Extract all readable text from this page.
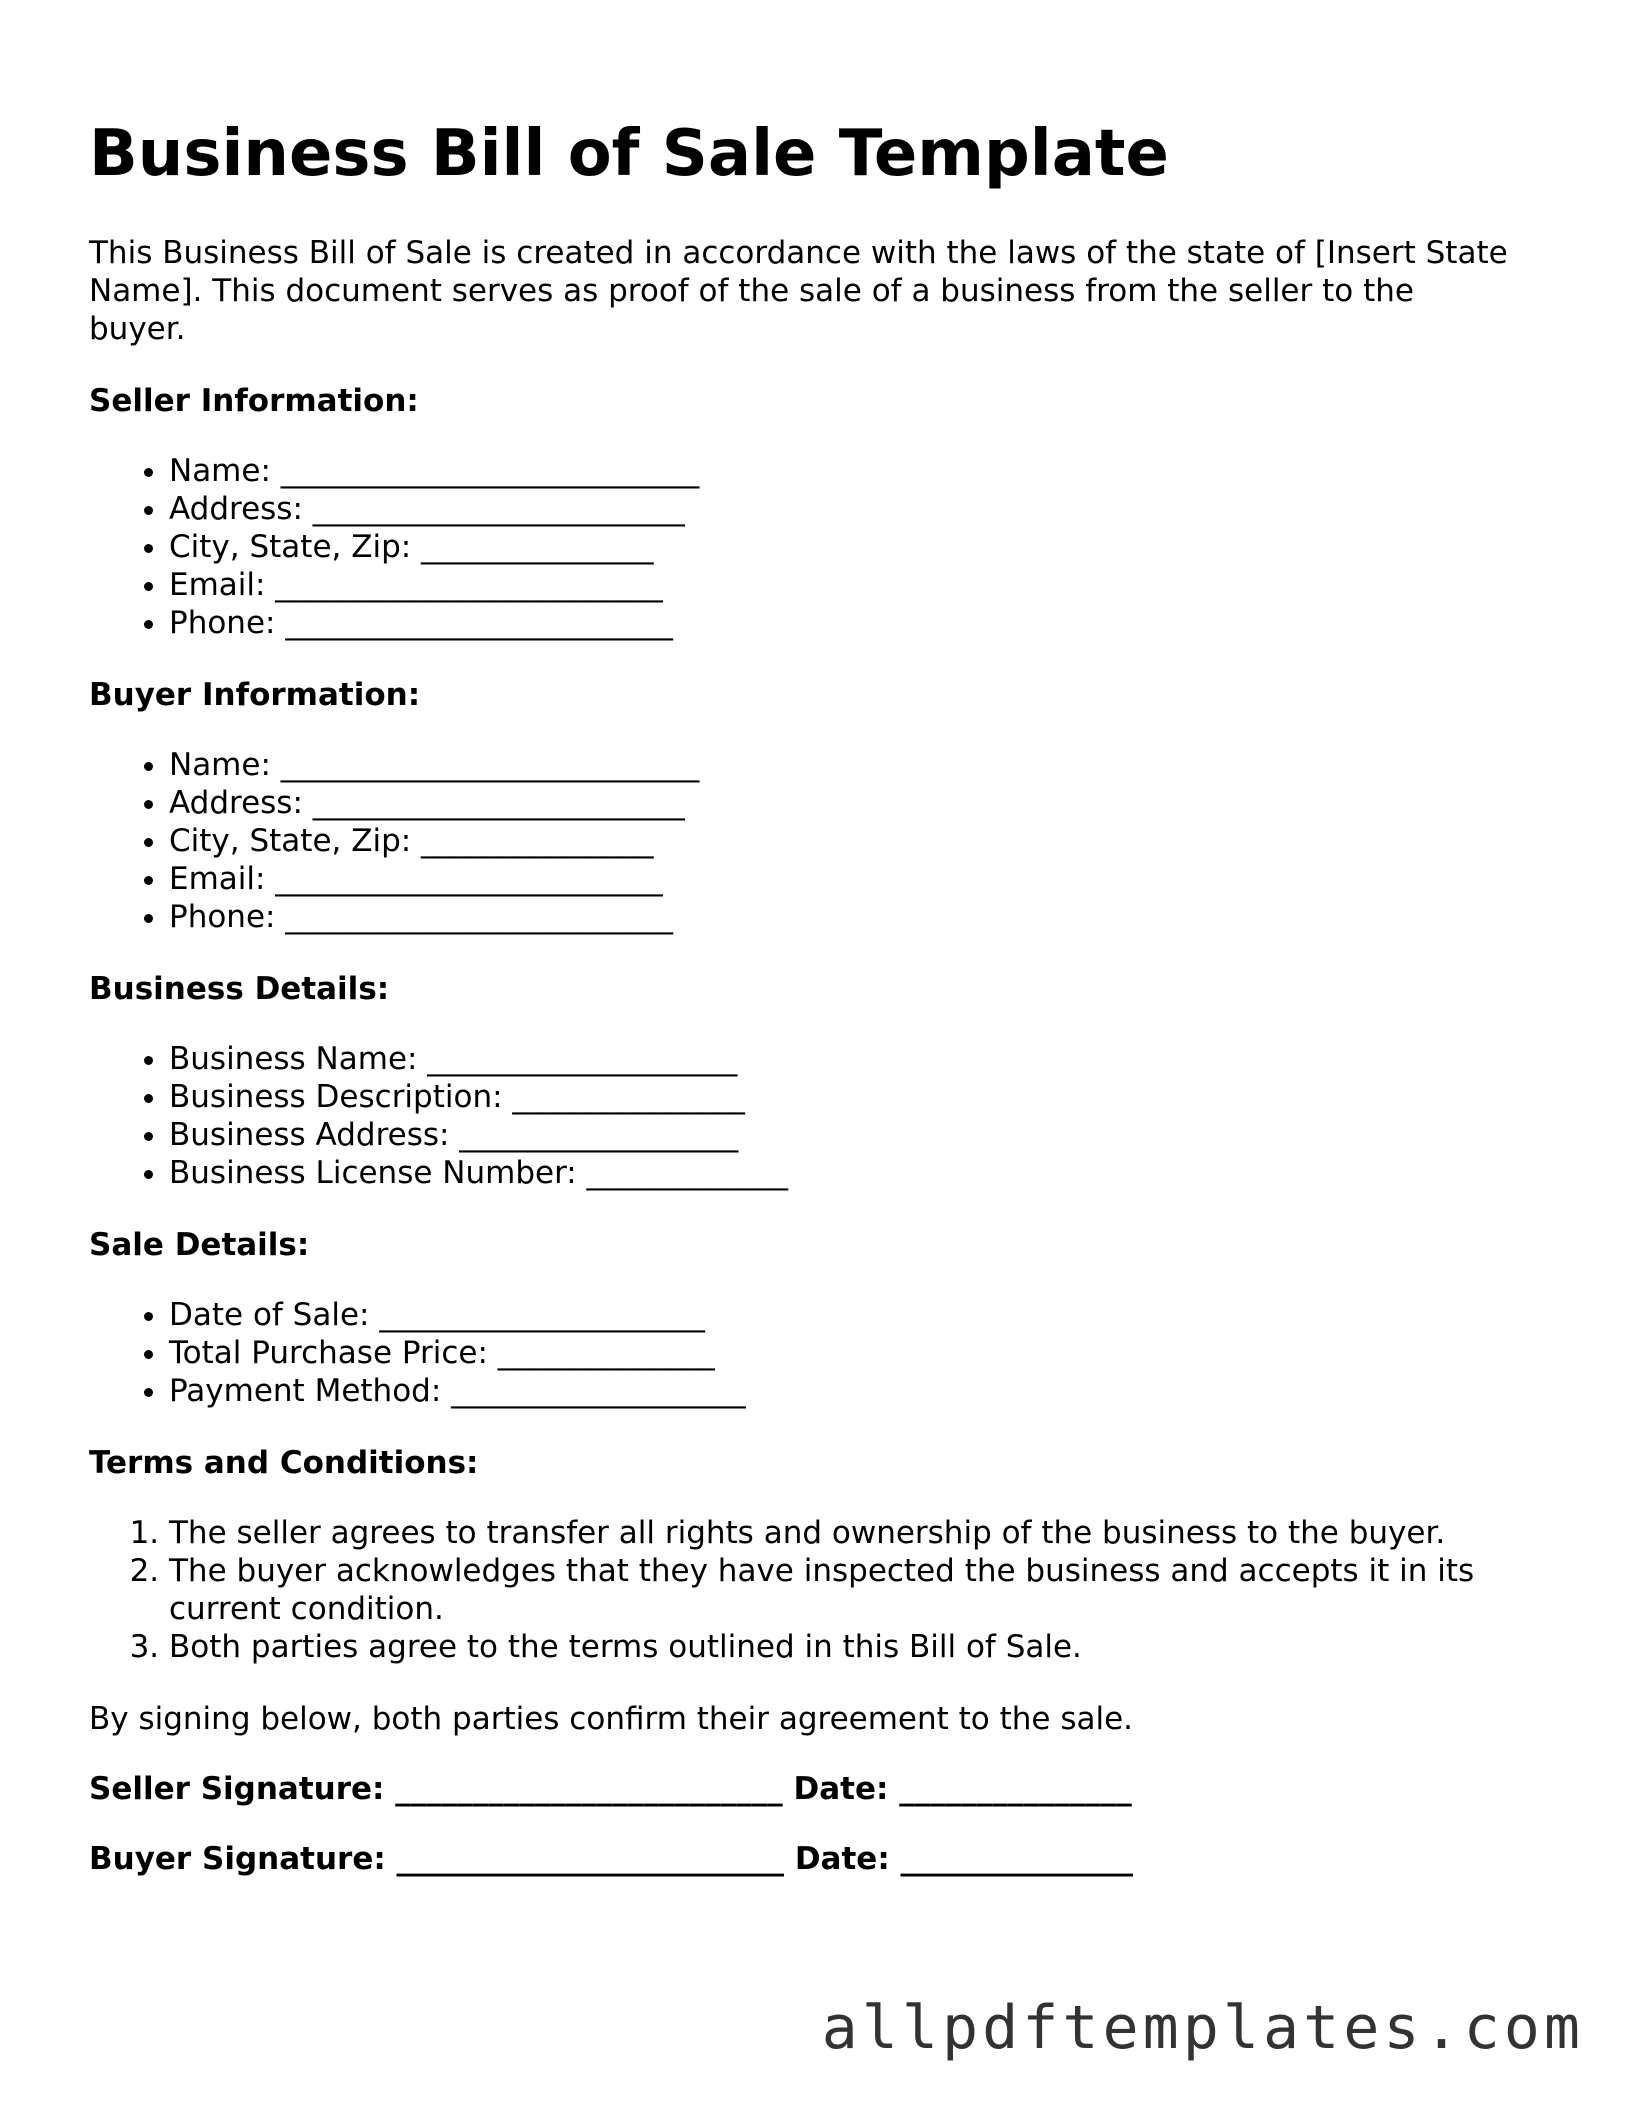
Business Bill of Sale Template

This Business Bill of Sale is created in accordance with the laws of the state of [Insert State Name]. This document serves as proof of the sale of a business from the seller to the buyer.

Seller Information:
• Name: ___________________________
• Address: ________________________
• City, State, Zip: _______________
• Email: _________________________
• Phone: _________________________
Buyer Information:
• Name: ___________________________
• Address: ________________________
• City, State, Zip: _______________
• Email: _________________________
• Phone: _________________________
Business Details:
• Business Name: ____________________
• Business Description: _______________
• Business Address: __________________
• Business License Number: _____________
Sale Details:
• Date of Sale: _____________________
• Total Purchase Price: ______________
• Payment Method: ___________________
Terms and Conditions:
1. The seller agrees to transfer all rights and ownership of the business to the buyer.
2. The buyer acknowledges that they have inspected the business and accepts it in its current condition.
3. Both parties agree to the terms outlined in this Bill of Sale.

By signing below, both parties confirm their agreement to the sale.

Seller Signature: _________________________ Date: _______________
Buyer Signature: _________________________ Date: _______________
allpdftemplates.com
